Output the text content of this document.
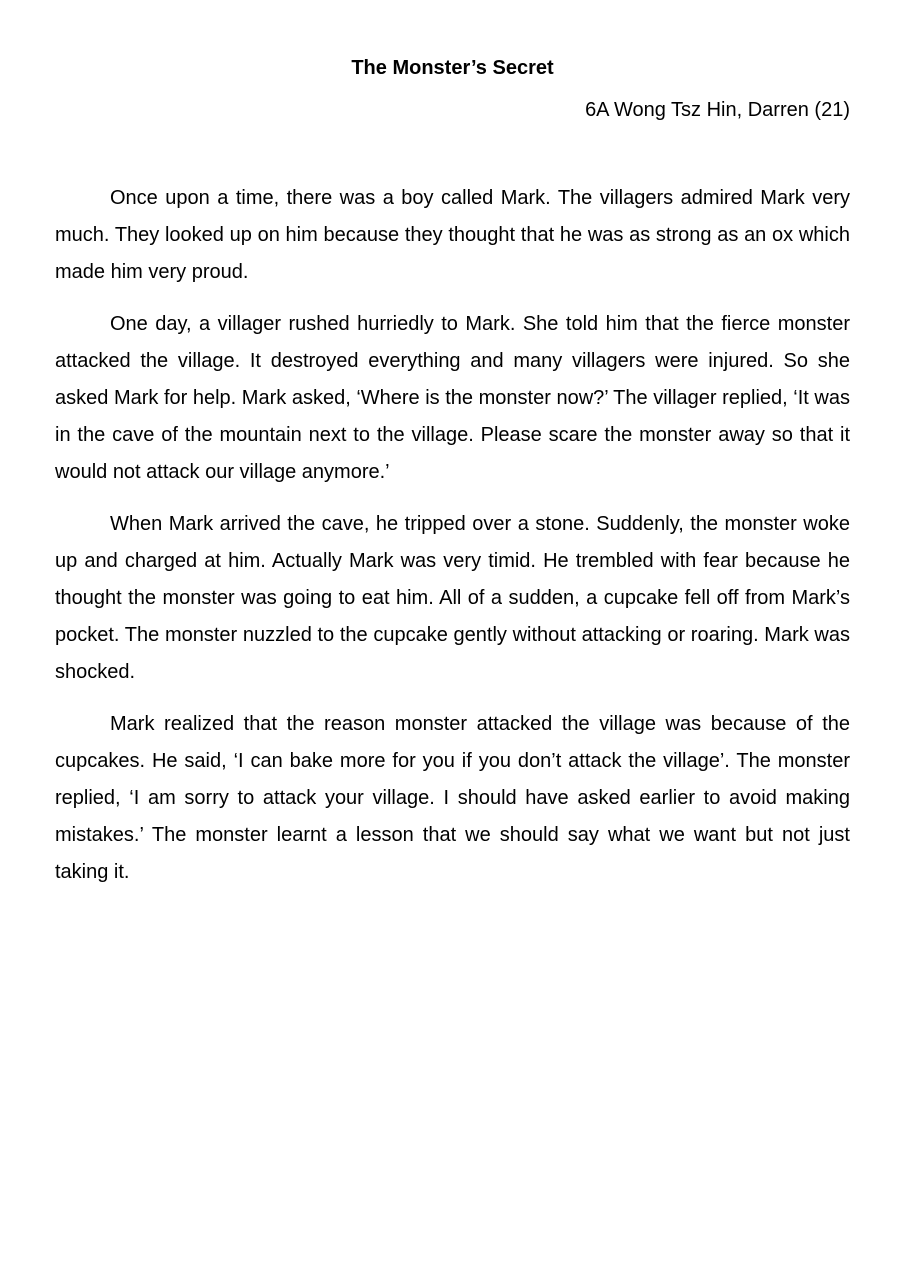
The Monster’s Secret
6A Wong Tsz Hin, Darren (21)

Once upon a time, there was a boy called Mark. The villagers admired Mark very much. They looked up on him because they thought that he was as strong as an ox which made him very proud.

One day, a villager rushed hurriedly to Mark. She told him that the fierce monster attacked the village. It destroyed everything and many villagers were injured. So she asked Mark for help. Mark asked, ‘Where is the monster now?’ The villager replied, ‘It was in the cave of the mountain next to the village. Please scare the monster away so that it would not attack our village anymore.’

When Mark arrived the cave, he tripped over a stone. Suddenly, the monster woke up and charged at him. Actually Mark was very timid. He trembled with fear because he thought the monster was going to eat him. All of a sudden, a cupcake fell off from Mark’s pocket. The monster nuzzled to the cupcake gently without attacking or roaring. Mark was shocked.

Mark realized that the reason monster attacked the village was because of the cupcakes. He said, ‘I can bake more for you if you don’t attack the village’. The monster replied, ‘I am sorry to attack your village. I should have asked earlier to avoid making mistakes.’ The monster learnt a lesson that we should say what we want but not just taking it.
